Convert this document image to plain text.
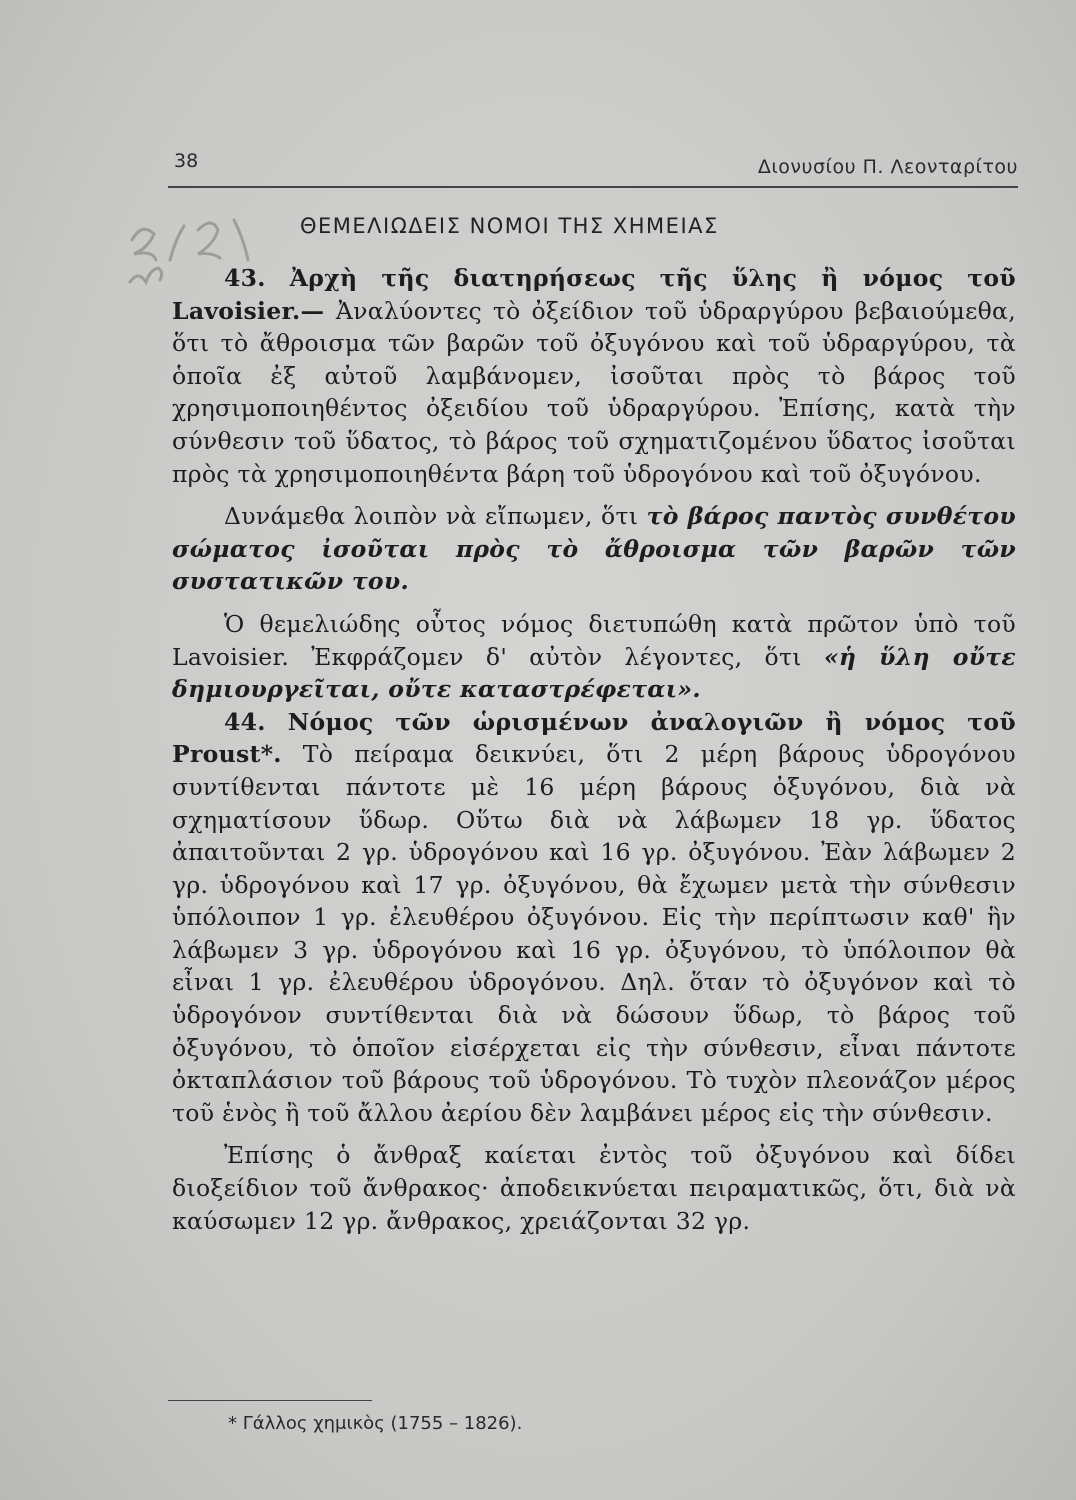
38	Διονυσίου Π. Λεονταρίτου
ΘΕΜΕΛΙΩΔΕΙΣ ΝΟΜΟΙ ΤΗΣ ΧΗΜΕΙΑΣ

43. Ἀρχὴ τῆς διατηρήσεως τῆς ὕλης ἢ νόμος τοῦ Lavoisier.— Ἀναλύοντες τὸ ὀξείδιον τοῦ ὑδραργύρου βεβαιούμεθα, ὅτι τὸ ἄθροισμα τῶν βαρῶν τοῦ ὀξυγόνου καὶ τοῦ ὑδραργύρου, τὰ ὁποῖα ἐξ αὐτοῦ λαμβάνομεν, ἰσοῦται πρὸς τὸ βάρος τοῦ χρησιμοποιηθέντος ὀξειδίου τοῦ ὑδραργύρου. Ἐπίσης, κατὰ τὴν σύνθεσιν τοῦ ὕδατος, τὸ βάρος τοῦ σχηματιζομένου ὕδατος ἰσοῦται πρὸς τὰ χρησιμοποιηθέντα βάρη τοῦ ὑδρογόνου καὶ τοῦ ὀξυγόνου.

Δυνάμεθα λοιπὸν νὰ εἴπωμεν, ὅτι τὸ βάρος παντὸς συνθέτου σώματος ἰσοῦται πρὸς τὸ ἄθροισμα τῶν βαρῶν τῶν συστατικῶν του.

Ὁ θεμελιώδης οὗτος νόμος διετυπώθη κατὰ πρῶτον ὑπὸ τοῦ Lavoisier. Ἐκφράζομεν δ' αὐτὸν λέγοντες, ὅτι «ἡ ὕλη οὔτε δημιουργεῖται, οὔτε καταστρέφεται».

44. Νόμος τῶν ὡρισμένων ἀναλογιῶν ἢ νόμος τοῦ Proust*. Τὸ πείραμα δεικνύει, ὅτι 2 μέρη βάρους ὑδρογόνου συντίθενται πάντοτε μὲ 16 μέρη βάρους ὀξυγόνου, διὰ νὰ σχηματίσουν ὕδωρ. Οὕτω διὰ νὰ λάβωμεν 18 γρ. ὕδατος ἀπαιτοῦνται 2 γρ. ὑδρογόνου καὶ 16 γρ. ὀξυγόνου. Ἐὰν λάβωμεν 2 γρ. ὑδρογόνου καὶ 17 γρ. ὀξυγόνου, θὰ ἔχωμεν μετὰ τὴν σύνθεσιν ὑπόλοιπον 1 γρ. ἐλευθέρου ὀξυγόνου. Εἰς τὴν περίπτωσιν καθ' ἣν λάβωμεν 3 γρ. ὑδρογόνου καὶ 16 γρ. ὀξυγόνου, τὸ ὑπόλοιπον θὰ εἶναι 1 γρ. ἐλευθέρου ὑδρογόνου. Δηλ. ὅταν τὸ ὀξυγόνον καὶ τὸ ὑδρογόνον συντίθενται διὰ νὰ δώσουν ὕδωρ, τὸ βάρος τοῦ ὀξυγόνου, τὸ ὁποῖον εἰσέρχεται εἰς τὴν σύνθεσιν, εἶναι πάντοτε ὀκταπλάσιον τοῦ βάρους τοῦ ὑδρογόνου. Τὸ τυχὸν πλεονάζον μέρος τοῦ ἑνὸς ἢ τοῦ ἄλλου ἀερίου δὲν λαμβάνει μέρος εἰς τὴν σύνθεσιν.

Ἐπίσης ὁ ἄνθραξ καίεται ἐντὸς τοῦ ὀξυγόνου καὶ δίδει διοξείδιον τοῦ ἄνθρακος· ἀποδεικνύεται πειραματικῶς, ὅτι, διὰ νὰ καύσωμεν 12 γρ. ἄνθρακος, χρειάζονται 32 γρ.

* Γάλλος χημικὸς (1755 – 1826).
